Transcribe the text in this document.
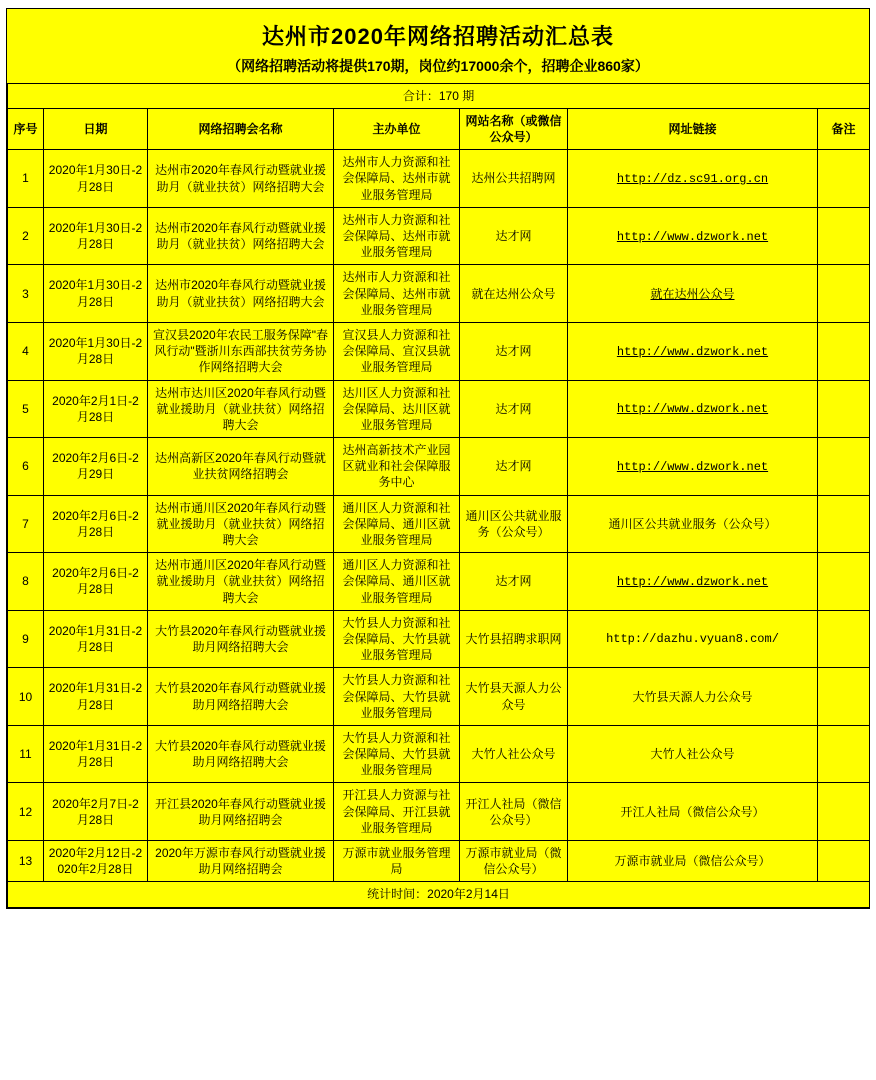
达州市2020年网络招聘活动汇总表
（网络招聘活动将提供170期，岗位约17000余个，招聘企业860家）
合计：170 期						
序号	日期	网络招聘会名称	主办单位	网站名称（或微信公众号）	网址链接	备注
1	2020年1月30日-2月28日	达州市2020年春风行动暨就业援助月（就业扶贫）网络招聘大会	达州市人力资源和社会保障局、达州市就业服务管理局	达州公共招聘网	http://dz.sc91.org.cn	
2	2020年1月30日-2月28日	达州市2020年春风行动暨就业援助月（就业扶贫）网络招聘大会	达州市人力资源和社会保障局、达州市就业服务管理局	达才网	http://www.dzwork.net	
3	2020年1月30日-2月28日	达州市2020年春风行动暨就业援助月（就业扶贫）网络招聘大会	达州市人力资源和社会保障局、达州市就业服务管理局	就在达州公众号	就在达州公众号	
4	2020年1月30日-2月28日	宣汉县2020年农民工服务保障"春风行动"暨浙川东西部扶贫劳务协作网络招聘大会	宣汉县人力资源和社会保障局、宣汉县就业服务管理局	达才网	http://www.dzwork.net	
5	2020年2月1日-2月28日	达州市达川区2020年春风行动暨就业援助月（就业扶贫）网络招聘大会	达川区人力资源和社会保障局、达川区就业服务管理局	达才网	http://www.dzwork.net	
6	2020年2月6日-2月29日	达州高新区2020年春风行动暨就业扶贫网络招聘会	达州高新技术产业园区就业和社会保障服务中心	达才网	http://www.dzwork.net	
7	2020年2月6日-2月28日	达州市通川区2020年春风行动暨就业援助月（就业扶贫）网络招聘大会	通川区人力资源和社会保障局、通川区就业服务管理局	通川区公共就业服务（公众号）	通川区公共就业服务（公众号）	
8	2020年2月6日-2月28日	达州市通川区2020年春风行动暨就业援助月（就业扶贫）网络招聘大会	通川区人力资源和社会保障局、通川区就业服务管理局	达才网	http://www.dzwork.net	
9	2020年1月31日-2月28日	大竹县2020年春风行动暨就业援助月网络招聘大会	大竹县人力资源和社会保障局、大竹县就业服务管理局	大竹县招聘求职网	http://dazhu.vyuan8.com/	
10	2020年1月31日-2月28日	大竹县2020年春风行动暨就业援助月网络招聘大会	大竹县人力资源和社会保障局、大竹县就业服务管理局	大竹县天源人力公众号	大竹县天源人力公众号	
11	2020年1月31日-2月28日	大竹县2020年春风行动暨就业援助月网络招聘大会	大竹县人力资源和社会保障局、大竹县就业服务管理局	大竹人社公众号	大竹人社公众号	
12	2020年2月7日-2月28日	开江县2020年春风行动暨就业援助月网络招聘会	开江县人力资源与社会保障局、开江县就业服务管理局	开江人社局（微信公众号）	开江人社局（微信公众号）	
13	2020年2月12日-2020年2月28日	2020年万源市春风行动暨就业援助月网络招聘会	万源市就业服务管理局	万源市就业局（微信公众号）	万源市就业局（微信公众号）	
统计时间：2020年2月14日						
